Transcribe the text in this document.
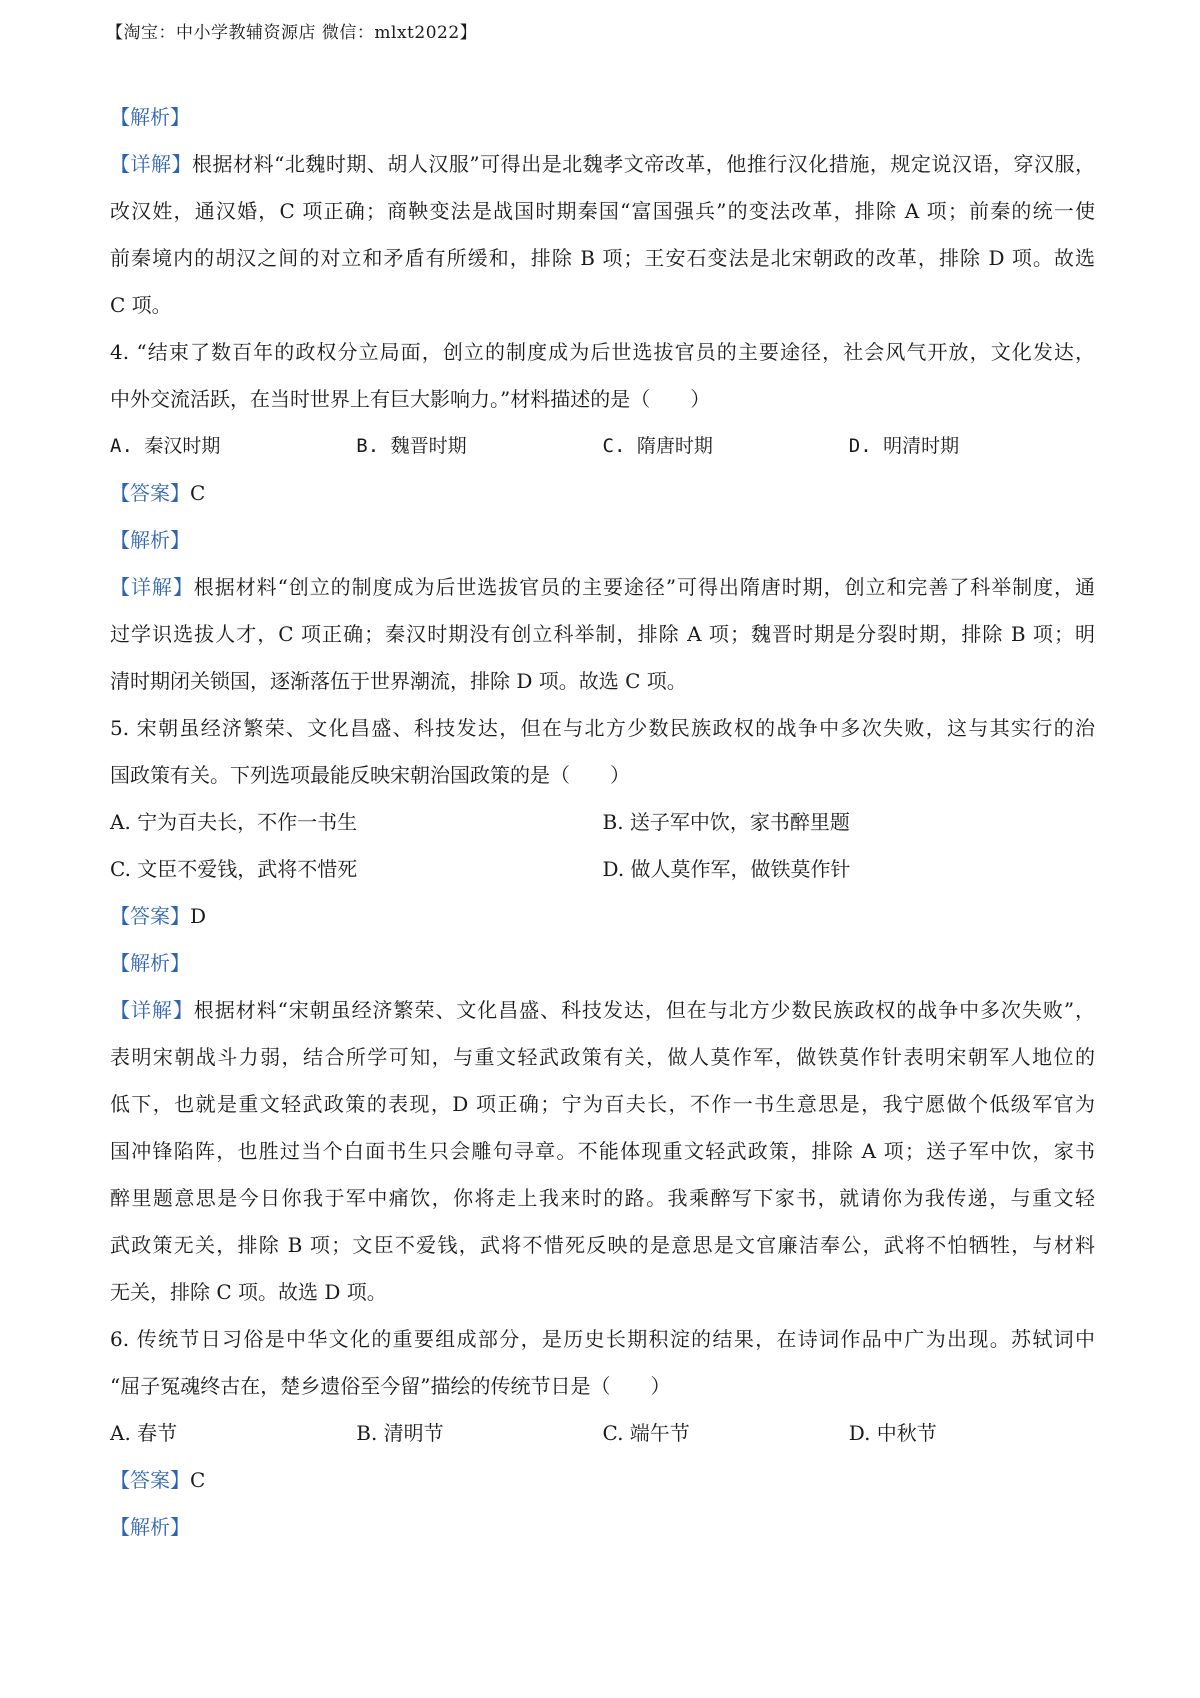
【淘宝：中小学教辅资源店 微信：mlxt2022】
【解析】
【详解】根据材料“北魏时期、胡人汉服”可得出是北魏孝文帝改革，他推行汉化措施，规定说汉语，穿汉服，
改汉姓，通汉婚，C 项正确；商鞅变法是战国时期秦国“富国强兵”的变法改革，排除 A 项；前秦的统一使
前秦境内的胡汉之间的对立和矛盾有所缓和，排除 B 项；王安石变法是北宋朝政的改革，排除 D 项。故选
C 项。
4. “结束了数百年的政权分立局面，创立的制度成为后世选拔官员的主要途径，社会风气开放，文化发达，
中外交流活跃，在当时世界上有巨大影响力。”材料描述的是（　　）
A. 秦汉时期	B. 魏晋时期	C. 隋唐时期	D. 明清时期
【答案】C
【解析】
【详解】根据材料“创立的制度成为后世选拔官员的主要途径”可得出隋唐时期，创立和完善了科举制度，通
过学识选拔人才，C 项正确；秦汉时期没有创立科举制，排除 A 项；魏晋时期是分裂时期，排除 B 项；明
清时期闭关锁国，逐渐落伍于世界潮流，排除 D 项。故选 C 项。
5. 宋朝虽经济繁荣、文化昌盛、科技发达，但在与北方少数民族政权的战争中多次失败，这与其实行的治
国政策有关。下列选项最能反映宋朝治国政策的是（　　）
A. 宁为百夫长，不作一书生	B. 送子军中饮，家书醉里题
C. 文臣不爱钱，武将不惜死	D. 做人莫作军，做铁莫作针
【答案】D
【解析】
【详解】根据材料“宋朝虽经济繁荣、文化昌盛、科技发达，但在与北方少数民族政权的战争中多次失败”，
表明宋朝战斗力弱，结合所学可知，与重文轻武政策有关，做人莫作军，做铁莫作针表明宋朝军人地位的
低下，也就是重文轻武政策的表现，D 项正确；宁为百夫长，不作一书生意思是，我宁愿做个低级军官为
国冲锋陷阵，也胜过当个白面书生只会雕句寻章。不能体现重文轻武政策，排除 A 项；送子军中饮，家书
醉里题意思是今日你我于军中痛饮，你将走上我来时的路。我乘醉写下家书，就请你为我传递，与重文轻
武政策无关，排除 B 项；文臣不爱钱，武将不惜死反映的是意思是文官廉洁奉公，武将不怕牺牲，与材料
无关，排除 C 项。故选 D 项。
6. 传统节日习俗是中华文化的重要组成部分，是历史长期积淀的结果，在诗词作品中广为出现。苏轼词中
“屈子冤魂终古在，楚乡遗俗至今留”描绘的传统节日是（　　）
A. 春节	B. 清明节	C. 端午节	D. 中秋节
【答案】C
【解析】
